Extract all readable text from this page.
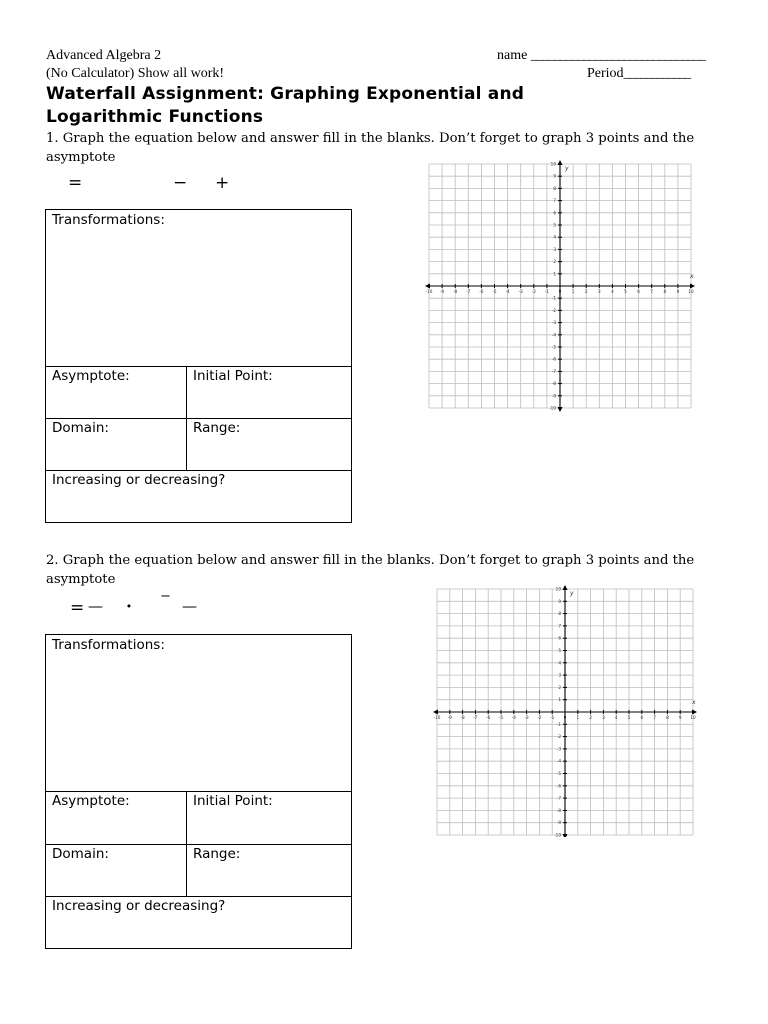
Advanced Algebra 2	name ______________________________
(No Calculator) Show all work!	Period____________
Waterfall Assignment: Graphing Exponential and
Logarithmic Functions
1. Graph the equation below and answer fill in the blanks. Don’t forget to graph 3 points and the
asymptote
=	− +
Transformations:
Asymptote:	Initial Point:
Domain:	Range:
Increasing or decreasing?
-10 -9 -8 -7 -6 -5 -4 -3 -2 -1 0 1 2 3 4 5 6 7 8 9 10
10
9
8
7
6
5
4
3
2
1
-1
-2
-3
-4
-5
-6
-7
-8
-9
-10
x
y
2. Graph the equation below and answer fill in the blanks. Don’t forget to graph 3 points and the
asymptote
= — ·
−
—
Transformations:
Asymptote:	Initial Point:
Domain:	Range:
Increasing or decreasing?
-10 -9 -8 -7 -6 -5 -4 -3 -2 -1 0 1 2 3 4 5 6 7 8 9 10
10
9
8
7
6
5
4
3
2
1
-1
-2
-3
-4
-5
-6
-7
-8
-9
-10
x
y
